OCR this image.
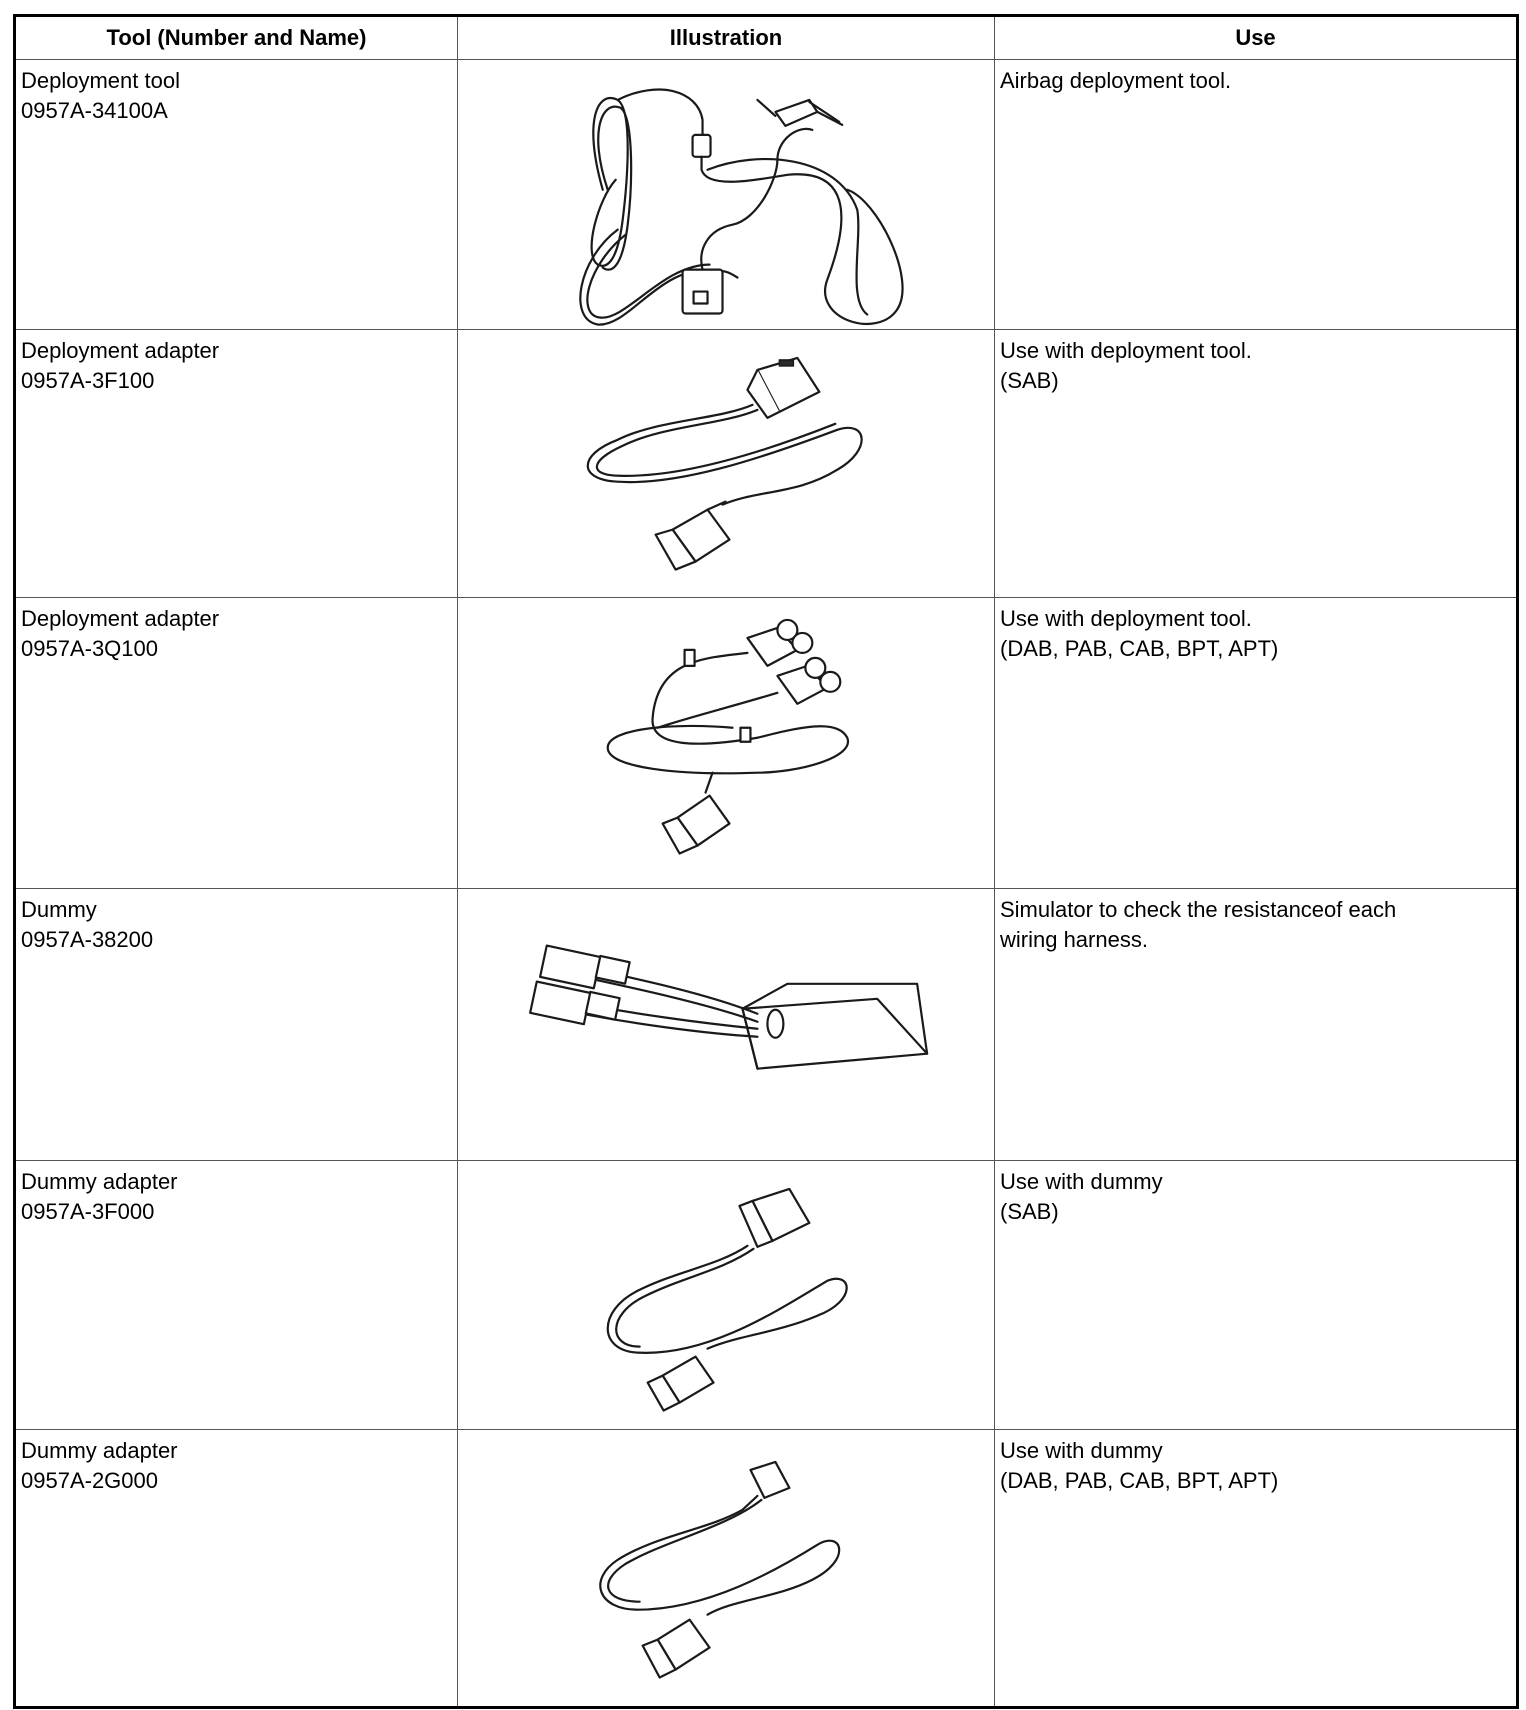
Tool (Number and Name)	Illustration	Use

Deployment tool
0957A-34100A		Airbag deployment tool.

Deployment adapter
0957A-3F100		Use with deployment tool.
(SAB)

Deployment adapter
0957A-3Q100		Use with deployment tool.
(DAB, PAB, CAB, BPT, APT)

Dummy
0957A-38200		Simulator to check the resistanceof each
wiring harness.

Dummy adapter
0957A-3F000		Use with dummy
(SAB)

Dummy adapter
0957A-2G000		Use with dummy
(DAB, PAB, CAB, BPT, APT)
